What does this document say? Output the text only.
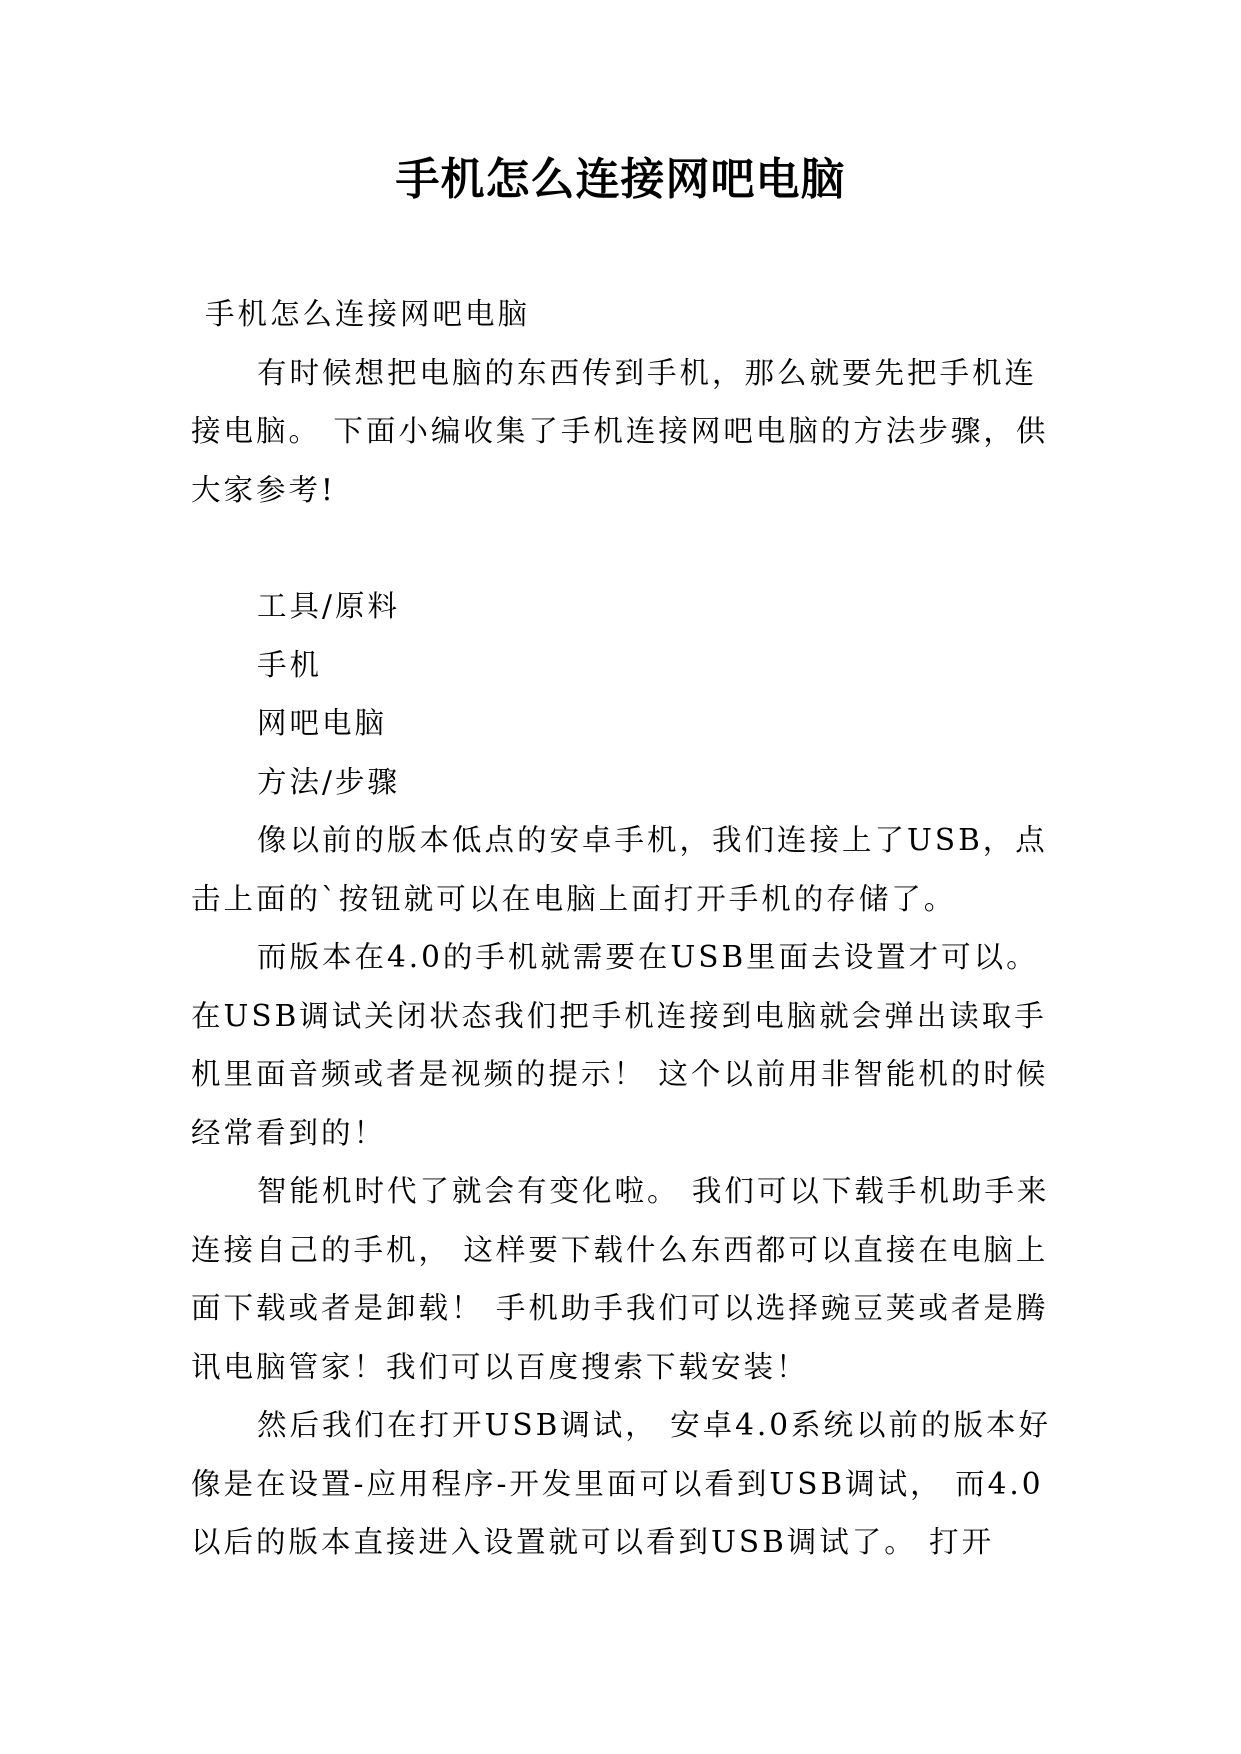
手机怎么连接网吧电脑

手机怎么连接网吧电脑

有时候想把电脑的东西传到手机，那么就要先把手机连接电脑。 下面小编收集了手机连接网吧电脑的方法步骤，供大家参考!

工具/原料

手机

网吧电脑

方法/步骤

像以前的版本低点的安卓手机，我们连接上了USB，点击上面的`按钮就可以在电脑上面打开手机的存储了。

而版本在4.0的手机就需要在USB里面去设置才可以。在USB调试关闭状态我们把手机连接到电脑就会弹出读取手机里面音频或者是视频的提示！ 这个以前用非智能机的时候经常看到的！

智能机时代了就会有变化啦。 我们可以下载手机助手来连接自己的手机， 这样要下载什么东西都可以直接在电脑上面下载或者是卸载！ 手机助手我们可以选择豌豆荚或者是腾讯电脑管家！我们可以百度搜索下载安装！

然后我们在打开USB调试， 安卓4.0系统以前的版本好像是在设置-应用程序-开发里面可以看到USB调试， 而4.0以后的版本直接进入设置就可以看到USB调试了。 打开
